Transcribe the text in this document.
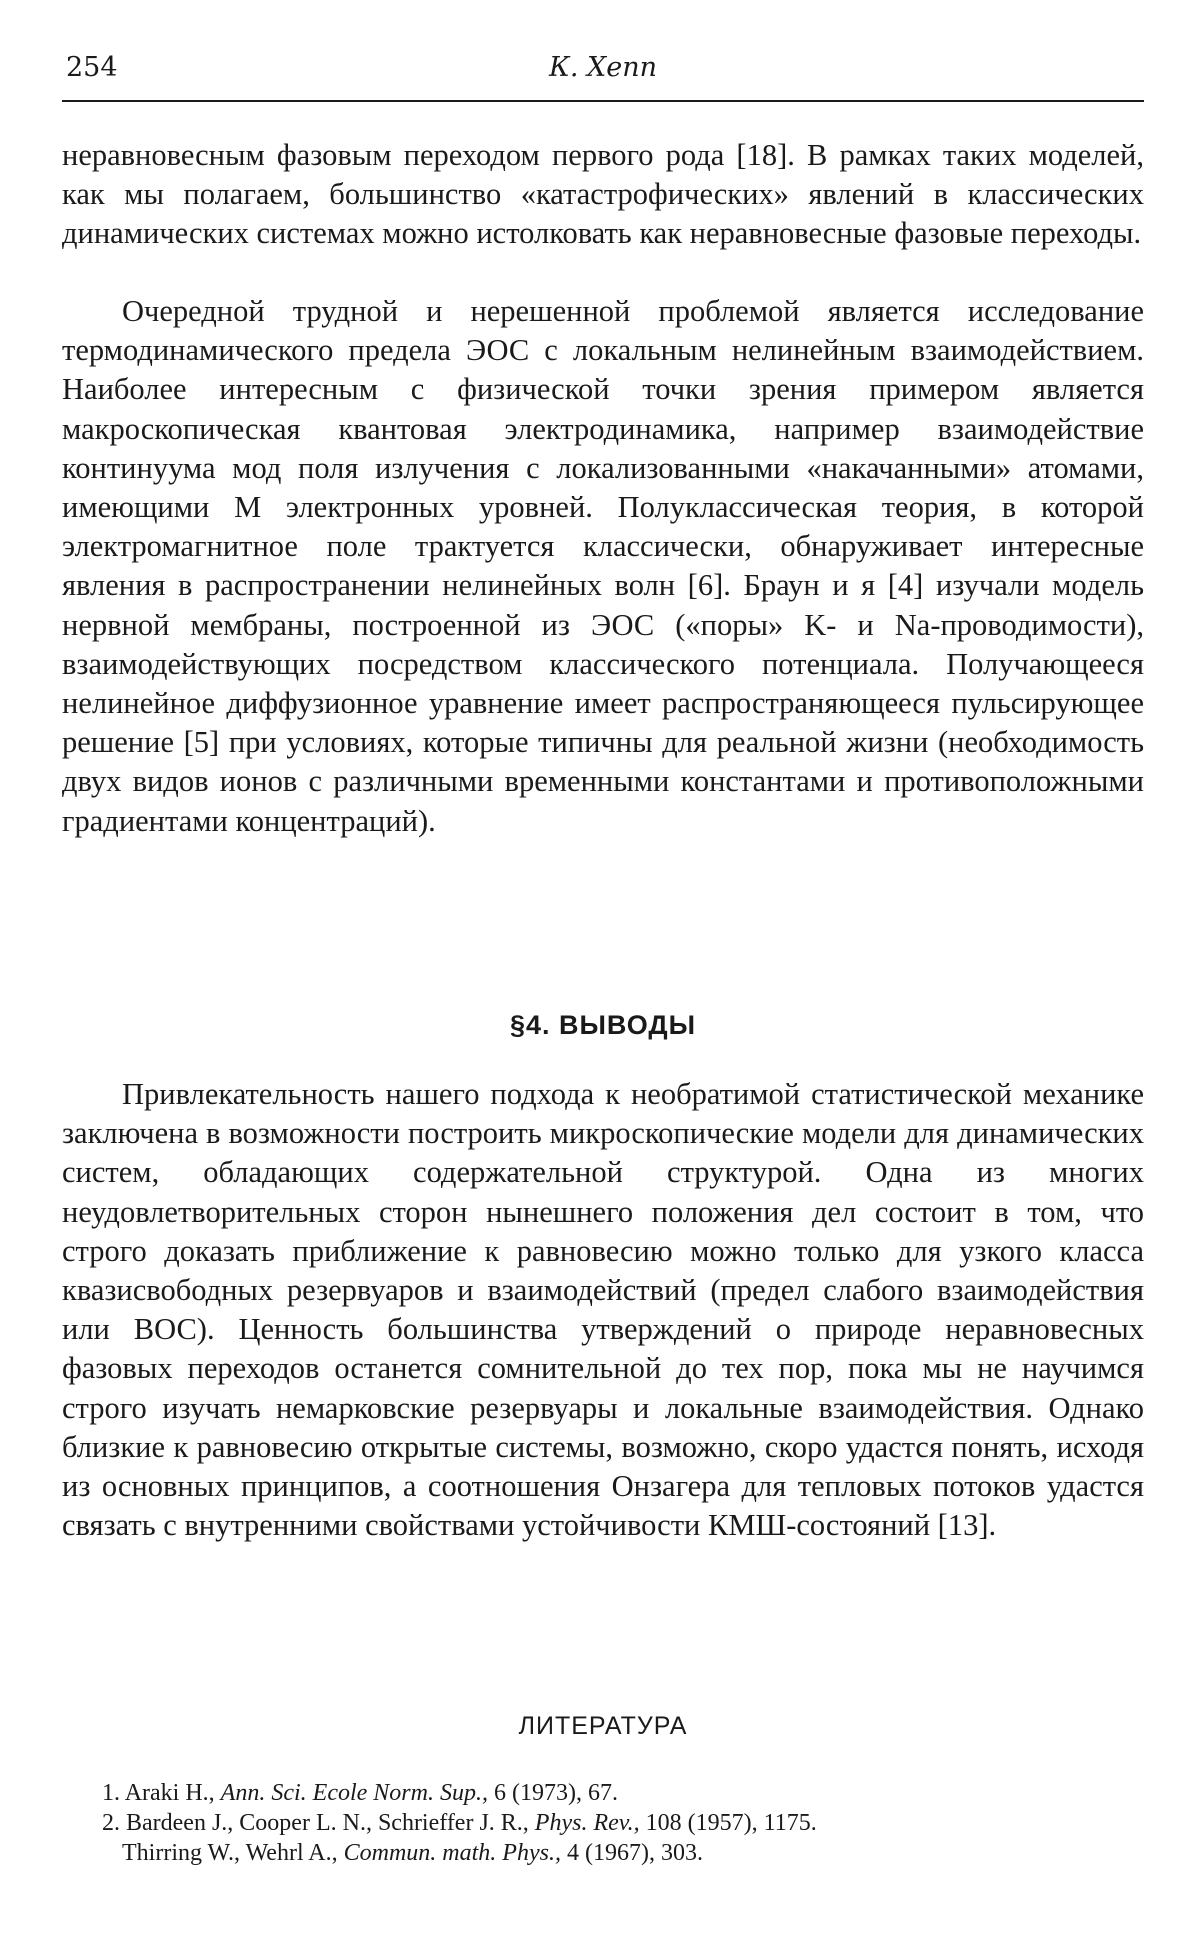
254	К. Хепп

неравновесным фазовым переходом первого рода [18]. В рамках таких моделей, как мы полагаем, большинство «катастрофических» явлений в классических динамических системах можно истолковать как неравновесные фазовые переходы.

Очередной трудной и нерешенной проблемой является исследование термодинамического предела ЭОС с локальным нелинейным взаимодействием. Наиболее интересным с физической точки зрения примером является макроскопическая квантовая электродинамика, например взаимодействие континуума мод поля излучения с локализованными «накачанными» атомами, имеющими M электронных уровней. Полуклассическая теория, в которой электромагнитное поле трактуется классически, обнаруживает интересные явления в распространении нелинейных волн [6]. Браун и я [4] изучали модель нервной мембраны, построенной из ЭОС («поры» K- и Na-проводимости), взаимодействующих посредством классического потенциала. Получающееся нелинейное диффузионное уравнение имеет распространяющееся пульсирующее решение [5] при условиях, которые типичны для реальной жизни (необходимость двух видов ионов с различными временными константами и противоположными градиентами концентраций).

§4. ВЫВОДЫ

Привлекательность нашего подхода к необратимой статистической механике заключена в возможности построить микроскопические модели для динамических систем, обладающих содержательной структурой. Одна из многих неудовлетворительных сторон нынешнего положения дел состоит в том, что строго доказать приближение к равновесию можно только для узкого класса квазисвободных резервуаров и взаимодействий (предел слабого взаимодействия или ВОС). Ценность большинства утверждений о природе неравновесных фазовых переходов останется сомнительной до тех пор, пока мы не научимся строго изучать немарковские резервуары и локальные взаимодействия. Однако близкие к равновесию открытые системы, возможно, скоро удастся понять, исходя из основных принципов, а соотношения Онзагера для тепловых потоков удастся связать с внутренними свойствами устойчивости КМШ-состояний [13].

ЛИТЕРАТУРА

1. Araki H., Ann. Sci. Ecole Norm. Sup., 6 (1973), 67.

2. Bardeen J., Cooper L. N., Schrieffer J. R., Phys. Rev., 108 (1957), 1175.
Thirring W., Wehrl A., Commun. math. Phys., 4 (1967), 303.
